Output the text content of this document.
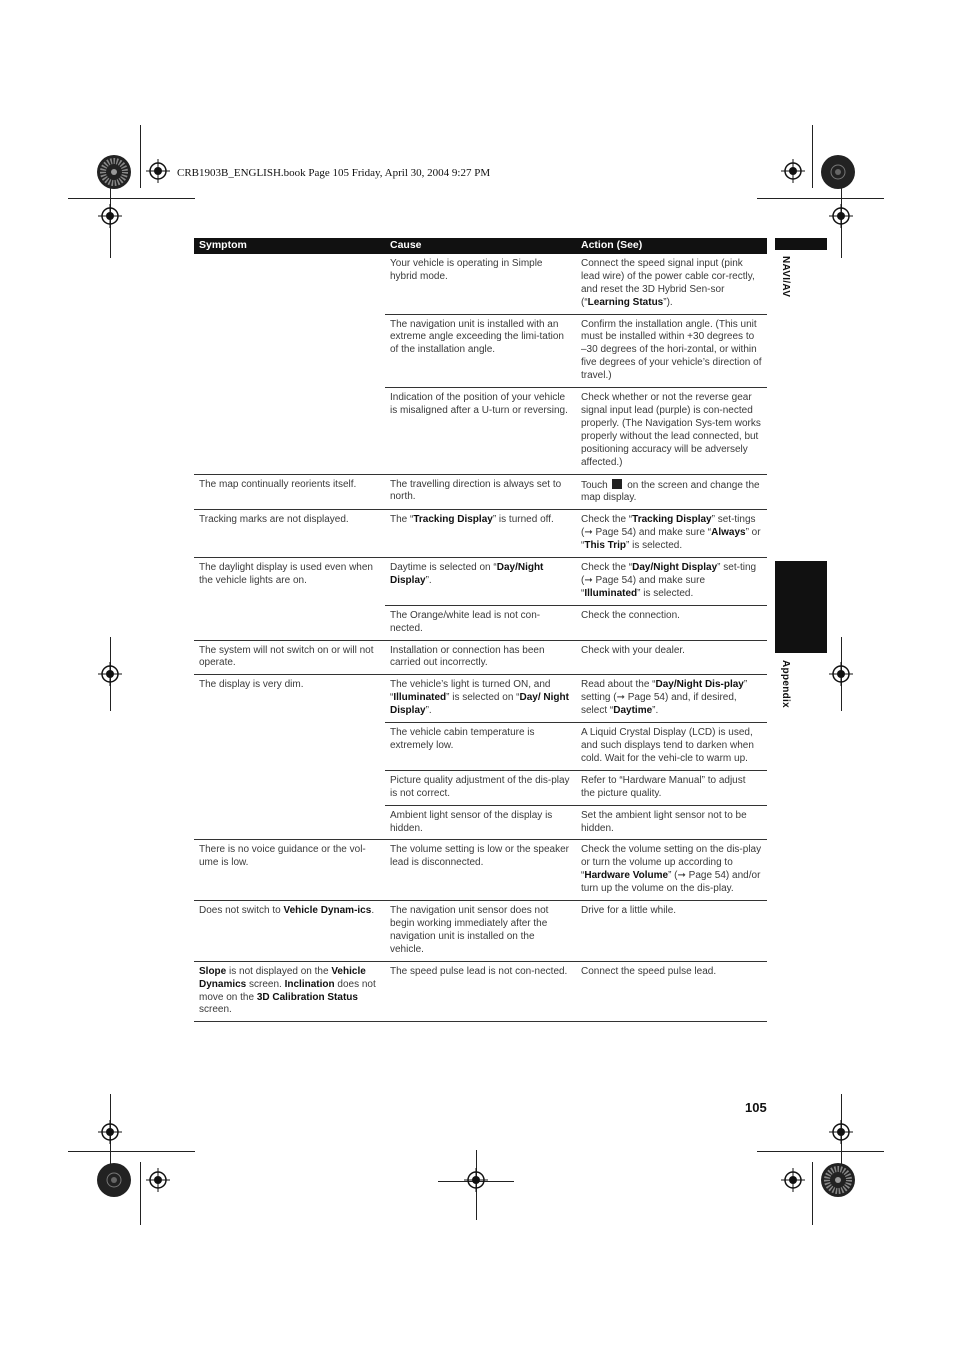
CRB1903B_ENGLISH.book Page 105 Friday, April 30, 2004 9:27 PM
NAVI/AV
Appendix
Symptom	Cause	Action (See)
	Your vehicle is operating in Simple hybrid mode.	Connect the speed signal input (pink lead wire) of the power cable cor-rectly, and reset the 3D Hybrid Sen-sor (“Learning Status”).
	The navigation unit is installed with an extreme angle exceeding the limi-tation of the installation angle.	Confirm the installation angle. (This unit must be installed within +30 degrees to –30 degrees of the hori-zontal, or within five degrees of your vehicle’s direction of travel.)
	Indication of the position of your vehicle is misaligned after a U-turn or reversing.	Check whether or not the reverse gear signal input lead (purple) is con-nected properly. (The Navigation Sys-tem works properly without the lead connected, but positioning accuracy will be adversely affected.)
The map continually reorients itself.	The travelling direction is always set to north.	Touch on the screen and change the map display.
Tracking marks are not displayed.	The “Tracking Display” is turned off.	Check the “Tracking Display” set-tings (➞ Page 54) and make sure “Always” or “This Trip” is selected.
The daylight display is used even when the vehicle lights are on.	Daytime is selected on “Day/Night Display”.	Check the “Day/Night Display” set-ting (➞ Page 54) and make sure “Illuminated” is selected.
	The Orange/white lead is not con-nected.	Check the connection.
The system will not switch on or will not operate.	Installation or connection has been carried out incorrectly.	Check with your dealer.
The display is very dim.	The vehicle’s light is turned ON, and “Illuminated” is selected on “Day/ Night Display”.	Read about the “Day/Night Dis-play” setting (➞ Page 54) and, if desired, select “Daytime”.
	The vehicle cabin temperature is extremely low.	A Liquid Crystal Display (LCD) is used, and such displays tend to darken when cold. Wait for the vehi-cle to warm up.
	Picture quality adjustment of the dis-play is not correct.	Refer to “Hardware Manual” to adjust the picture quality.
	Ambient light sensor of the display is hidden.	Set the ambient light sensor not to be hidden.
There is no voice guidance or the vol-ume is low.	The volume setting is low or the speaker lead is disconnected.	Check the volume setting on the dis-play or turn the volume up according to “Hardware Volume” (➞ Page 54) and/or turn up the volume on the dis-play.
Does not switch to Vehicle Dynam-ics.	The navigation unit sensor does not begin working immediately after the navigation unit is installed on the vehicle.	Drive for a little while.
Slope is not displayed on the Vehicle Dynamics screen. Inclination does not move on the 3D Calibration Status screen.	The speed pulse lead is not con-nected.	Connect the speed pulse lead.
105
